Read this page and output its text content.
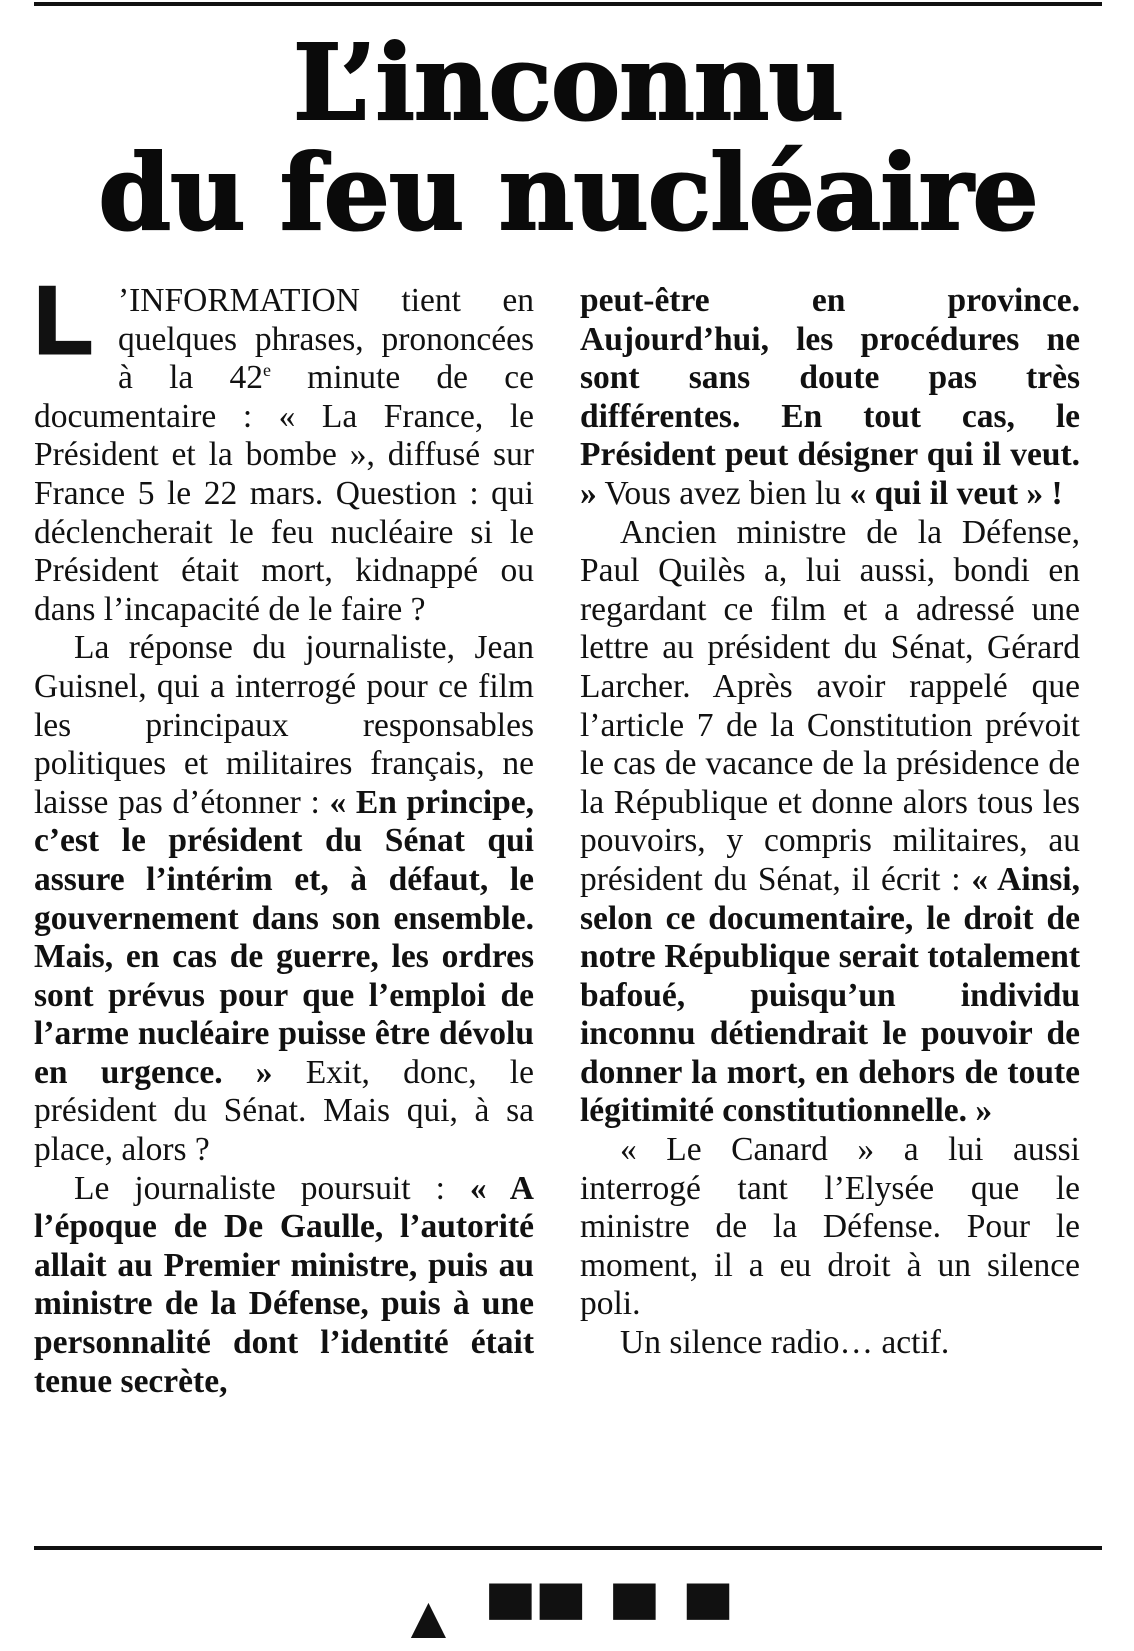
L’inconnu
du feu nucléaire

L ’INFORMATION tient en quelques phrases, prononcées à la 42e minute de ce documentaire : « La France, le Président et la bombe », diffusé sur France 5 le 22 mars. Question : qui déclencherait le feu nucléaire si le Président était mort, kidnappé ou dans l’incapacité de le faire ?

La réponse du journaliste, Jean Guisnel, qui a interrogé pour ce film les principaux responsables politiques et militaires français, ne laisse pas d’étonner : « En principe, c’est le président du Sénat qui assure l’intérim et, à défaut, le gouvernement dans son ensemble. Mais, en cas de guerre, les ordres sont prévus pour que l’emploi de l’arme nucléaire puisse être dévolu en urgence. » Exit, donc, le président du Sénat. Mais qui, à sa place, alors ?

Le journaliste poursuit : « A l’époque de De Gaulle, l’autorité allait au Premier ministre, puis au ministre de la Défense, puis à une personnalité dont l’identité était tenue secrète,

peut-être en province. Aujourd’hui, les procédures ne sont sans doute pas très différentes. En tout cas, le Président peut désigner qui il veut. » Vous avez bien lu « qui il veut » !

Ancien ministre de la Défense, Paul Quilès a, lui aussi, bondi en regardant ce film et a adressé une lettre au président du Sénat, Gérard Larcher. Après avoir rappelé que l’article 7 de la Constitution prévoit le cas de vacance de la présidence de la République et donne alors tous les pouvoirs, y compris militaires, au président du Sénat, il écrit : « Ainsi, selon ce documentaire, le droit de notre République serait totalement bafoué, puisqu’un individu inconnu détiendrait le pouvoir de donner la mort, en dehors de toute légitimité constitutionnelle. »

« Le Canard » a lui aussi interrogé tant l’Elysée que le ministre de la Défense. Pour le moment, il a eu droit à un silence poli.

Un silence radio… actif.

▲ ▀▀ ▀ ▀
